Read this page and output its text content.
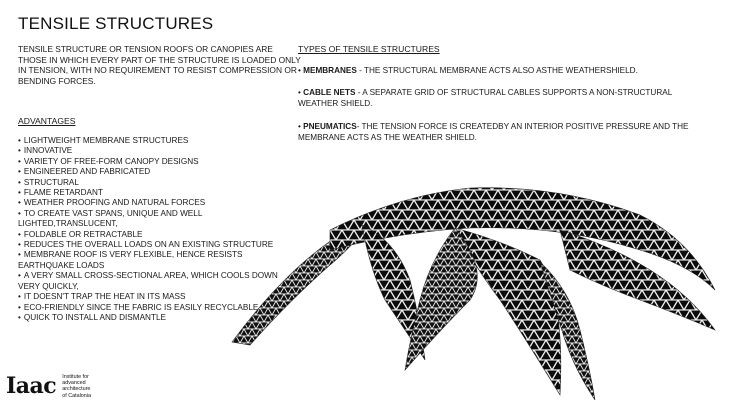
TENSILE STRUCTURES
TENSILE STRUCTURE OR TENSION ROOFS OR CANOPIES ARE THOSE IN WHICH EVERY PART OF THE STRUCTURE IS LOADED ONLY IN TENSION, WITH NO REQUIREMENT TO RESIST COMPRESSION OR BENDING FORCES.
ADVANTAGES
• LIGHTWEIGHT MEMBRANE STRUCTURES
• INNOVATIVE
• VARIETY OF FREE-FORM CANOPY DESIGNS
• ENGINEERED AND FABRICATED
• STRUCTURAL
• FLAME RETARDANT
• WEATHER PROOFING AND NATURAL FORCES
• TO CREATE VAST SPANS, UNIQUE AND WELL LIGHTED,TRANSLUCENT,
• FOLDABLE OR RETRACTABLE
• REDUCES THE OVERALL LOADS ON AN EXISTING STRUCTURE
• MEMBRANE ROOF IS VERY FLEXIBLE, HENCE RESISTS EARTHQUAKE LOADS
• A VERY SMALL CROSS-SECTIONAL AREA, WHICH COOLS DOWN VERY QUICKLY,
• IT DOESN'T TRAP THE HEAT IN ITS MASS
• ECO-FRIENDLY SINCE THE FABRIC IS EASILY RECYCLABLE.
• QUICK TO INSTALL AND DISMANTLE
TYPES OF TENSILE STRUCTURES
• MEMBRANES - THE STRUCTURAL MEMBRANE ACTS ALSO ASTHE WEATHERSHIELD.
• CABLE NETS - A SEPARATE GRID OF STRUCTURAL CABLES SUPPORTS A NON-STRUCTURAL WEATHER SHIELD.
• PNEUMATICS- THE TENSION FORCE IS CREATEDBY AN INTERIOR POSITIVE PRESSURE AND THE MEMBRANE ACTS AS THE WEATHER SHIELD.
Iaac Institute for
advanced
architecture
of Catalonia
